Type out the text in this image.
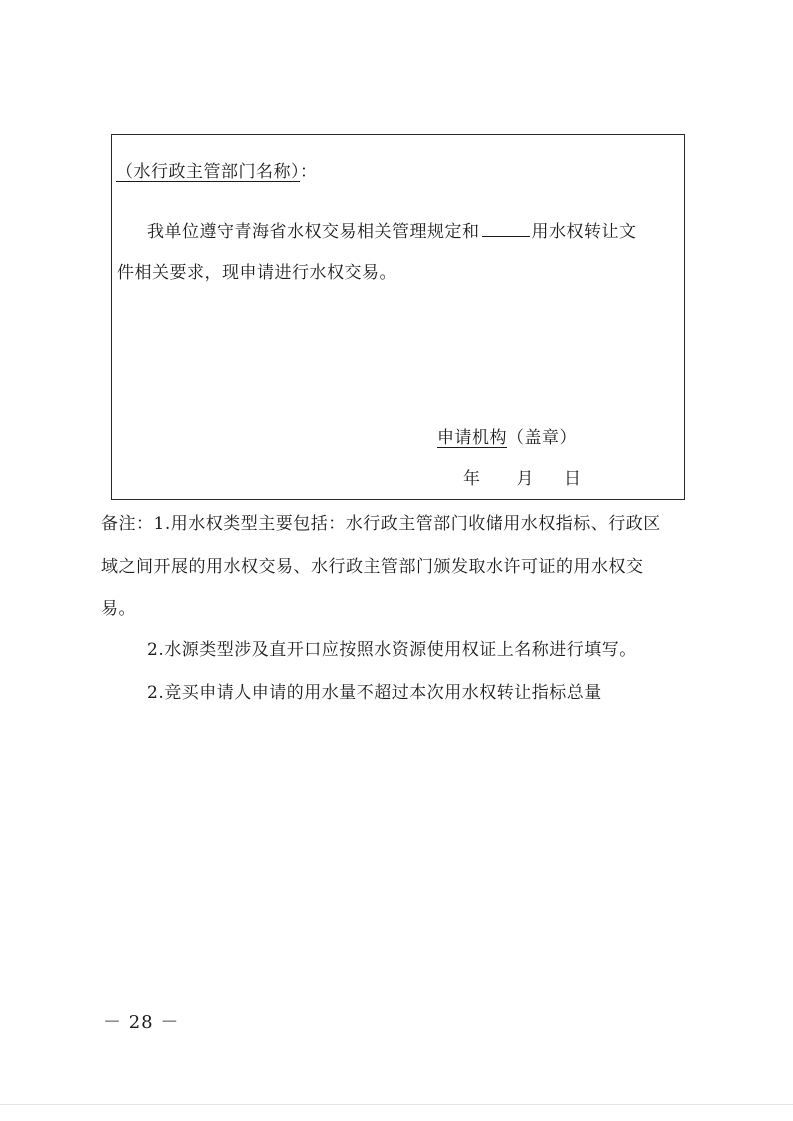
（水行政主管部门名称）：
我单位遵守青海省水权交易相关管理规定和	用水权转让文
件相关要求，现申请进行水权交易。
申请机构（盖章）
年 月 日
备注：1.用水权类型主要包括：水行政主管部门收储用水权指标、行政区
域之间开展的用水权交易、水行政主管部门颁发取水许可证的用水权交
易。
2.水源类型涉及直开口应按照水资源使用权证上名称进行填写。
2.竞买申请人申请的用水量不超过本次用水权转让指标总量
－ 28 －
